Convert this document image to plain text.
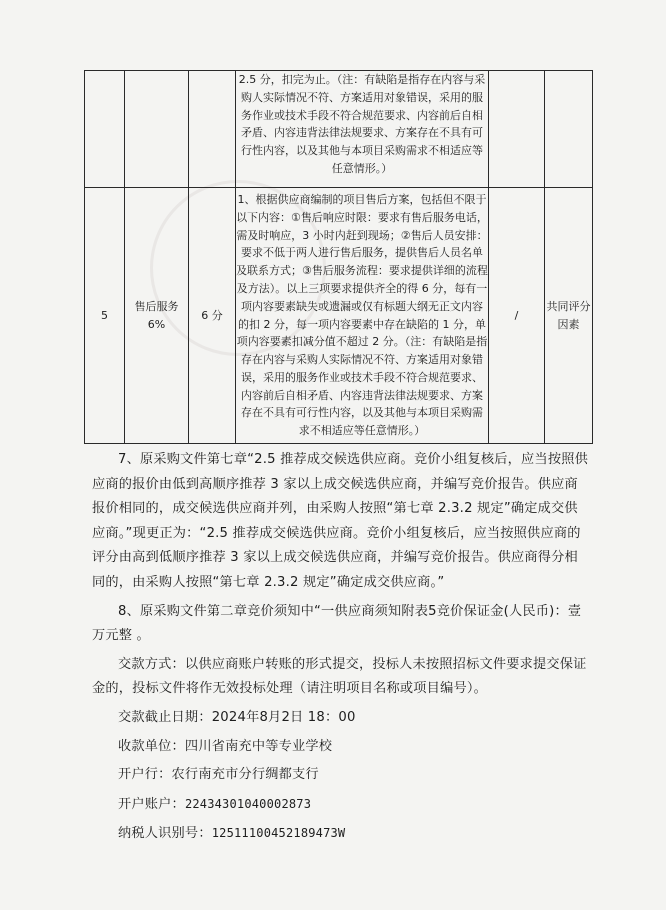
			2.5 分，扣完为止。（注：有缺陷是指存在内容与采购人实际情况不符、方案适用对象错误，采用的服务作业或技术手段不符合规范要求、内容前后自相矛盾、内容违背法律法规要求、方案存在不具有可行性内容，以及其他与本项目采购需求不相适应等任意情形。）		
5	售后服务 6%	6 分	1、根据供应商编制的项目售后方案，包括但不限于以下内容：①售后响应时限：要求有售后服务电话，需及时响应，3 小时内赶到现场；②售后人员安排：要求不低于两人进行售后服务，提供售后人员名单及联系方式；③售后服务流程：要求提供详细的流程及方法）。以上三项要求提供齐全的得 6 分，每有一项内容要素缺失或遗漏或仅有标题大纲无正文内容的扣 2 分，每一项内容要素中存在缺陷的 1 分，单项内容要素扣减分值不超过 2 分。（注：有缺陷是指存在内容与采购人实际情况不符、方案适用对象错误，采用的服务作业或技术手段不符合规范要求、内容前后自相矛盾、内容违背法律法规要求、方案存在不具有可行性内容，以及其他与本项目采购需求不相适应等任意情形。）	/	共同评分因素

7、原采购文件第七章“2.5 推荐成交候选供应商。竞价小组复核后，应当按照供应商的报价由低到高顺序推荐 3 家以上成交候选供应商，并编写竞价报告。供应商报价相同的，成交候选供应商并列，由采购人按照“第七章 2.3.2 规定”确定成交供应商。”现更正为：“2.5 推荐成交候选供应商。竞价小组复核后，应当按照供应商的评分由高到低顺序推荐 3 家以上成交候选供应商，并编写竞价报告。供应商得分相同的，由采购人按照“第七章 2.3.2 规定”确定成交供应商。”

8、原采购文件第二章竞价须知中“一供应商须知附表5竞价保证金(人民币)：壹万元整 。

交款方式：以供应商账户转账的形式提交，投标人未按照招标文件要求提交保证金的，投标文件将作无效投标处理（请注明项目名称或项目编号）。

交款截止日期：2024年8月2日 18：00

收款单位：四川省南充中等专业学校

开户行：农行南充市分行绸都支行

开户账户：22434301040002873

纳税人识别号：12511100452189473W
